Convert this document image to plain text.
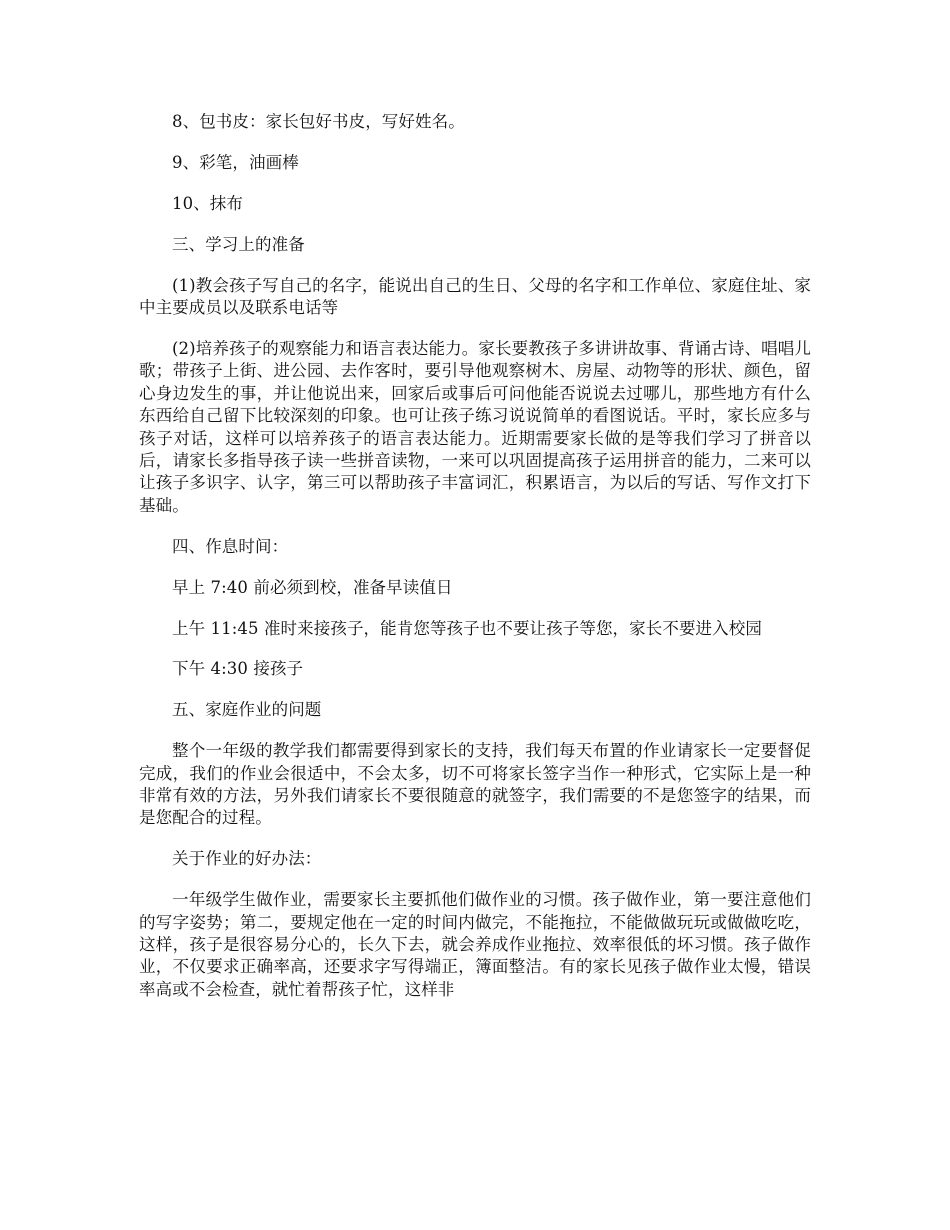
8、包书皮：家长包好书皮，写好姓名。

9、彩笔，油画棒

10、抹布

三、学习上的准备

(1)教会孩子写自己的名字，能说出自己的生日、父母的名字和工作单位、家庭住址、家中主要成员以及联系电话等

(2)培养孩子的观察能力和语言表达能力。家长要教孩子多讲讲故事、背诵古诗、唱唱儿歌；带孩子上街、进公园、去作客时，要引导他观察树木、房屋、动物等的形状、颜色，留心身边发生的事，并让他说出来，回家后或事后可问他能否说说去过哪儿，那些地方有什么东西给自己留下比较深刻的印象。也可让孩子练习说说简单的看图说话。平时，家长应多与孩子对话，这样可以培养孩子的语言表达能力。近期需要家长做的是等我们学习了拼音以后，请家长多指导孩子读一些拼音读物，一来可以巩固提高孩子运用拼音的能力，二来可以让孩子多识字、认字，第三可以帮助孩子丰富词汇，积累语言，为以后的写话、写作文打下基础。

四、作息时间：

早上 7:40 前必须到校，准备早读值日

上午 11:45 准时来接孩子，能肯您等孩子也不要让孩子等您，家长不要进入校园

下午 4:30 接孩子

五、家庭作业的问题

整个一年级的教学我们都需要得到家长的支持，我们每天布置的作业请家长一定要督促完成，我们的作业会很适中，不会太多，切不可将家长签字当作一种形式，它实际上是一种非常有效的方法，另外我们请家长不要很随意的就签字，我们需要的不是您签字的结果，而是您配合的过程。

关于作业的好办法：

一年级学生做作业，需要家长主要抓他们做作业的习惯。孩子做作业，第一要注意他们的写字姿势；第二，要规定他在一定的时间内做完，不能拖拉，不能做做玩玩或做做吃吃，这样，孩子是很容易分心的，长久下去，就会养成作业拖拉、效率很低的坏习惯。孩子做作业，不仅要求正确率高，还要求字写得端正，簿面整洁。有的家长见孩子做作业太慢，错误率高或不会检查，就忙着帮孩子忙，这样非
